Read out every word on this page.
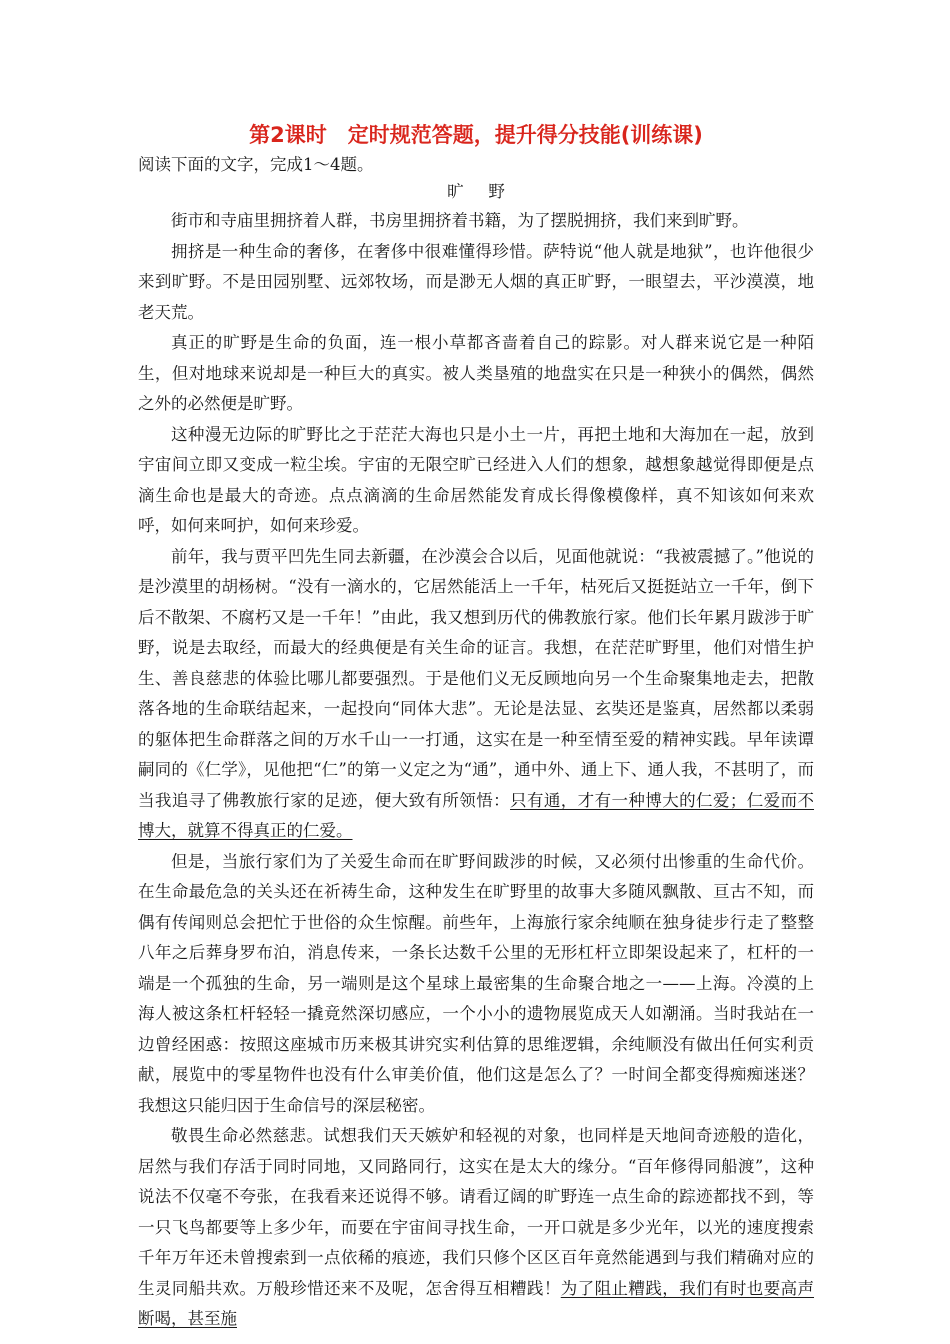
第2课时　定时规范答题，提升得分技能(训练课)

阅读下面的文字，完成1～4题。

旷野

街市和寺庙里拥挤着人群，书房里拥挤着书籍，为了摆脱拥挤，我们来到旷野。

拥挤是一种生命的奢侈，在奢侈中很难懂得珍惜。萨特说“他人就是地狱”，也许他很少来到旷野。不是田园别墅、远郊牧场，而是渺无人烟的真正旷野，一眼望去，平沙漠漠，地老天荒。

真正的旷野是生命的负面，连一根小草都吝啬着自己的踪影。对人群来说它是一种陌生，但对地球来说却是一种巨大的真实。被人类垦殖的地盘实在只是一种狭小的偶然，偶然之外的必然便是旷野。

这种漫无边际的旷野比之于茫茫大海也只是小土一片，再把土地和大海加在一起，放到宇宙间立即又变成一粒尘埃。宇宙的无限空旷已经进入人们的想象，越想象越觉得即便是点滴生命也是最大的奇迹。点点滴滴的生命居然能发育成长得像模像样，真不知该如何来欢呼，如何来呵护，如何来珍爱。

前年，我与贾平凹先生同去新疆，在沙漠会合以后，见面他就说：“我被震撼了。”他说的是沙漠里的胡杨树。“没有一滴水的，它居然能活上一千年，枯死后又挺挺站立一千年，倒下后不散架、不腐朽又是一千年！”由此，我又想到历代的佛教旅行家。他们长年累月跋涉于旷野，说是去取经，而最大的经典便是有关生命的证言。我想，在茫茫旷野里，他们对惜生护生、善良慈悲的体验比哪儿都要强烈。于是他们义无反顾地向另一个生命聚集地走去，把散落各地的生命联结起来，一起投向“同体大悲”。无论是法显、玄奘还是鉴真，居然都以柔弱的躯体把生命群落之间的万水千山一一打通，这实在是一种至情至爱的精神实践。早年读谭嗣同的《仁学》，见他把“仁”的第一义定之为“通”，通中外、通上下、通人我，不甚明了，而当我追寻了佛教旅行家的足迹，便大致有所领悟：只有通，才有一种博大的仁爱；仁爱而不博大，就算不得真正的仁爱。

但是，当旅行家们为了关爱生命而在旷野间跋涉的时候，又必须付出惨重的生命代价。在生命最危急的关头还在祈祷生命，这种发生在旷野里的故事大多随风飘散、亘古不知，而偶有传闻则总会把忙于世俗的众生惊醒。前些年，上海旅行家余纯顺在独身徒步行走了整整八年之后葬身罗布泊，消息传来，一条长达数千公里的无形杠杆立即架设起来了，杠杆的一端是一个孤独的生命，另一端则是这个星球上最密集的生命聚合地之一——上海。冷漠的上海人被这条杠杆轻轻一撬竟然深切感应，一个小小的遗物展览成天人如潮涌。当时我站在一边曾经困惑：按照这座城市历来极其讲究实利估算的思维逻辑，余纯顺没有做出任何实利贡献，展览中的零星物件也没有什么审美价值，他们这是怎么了？一时间全都变得痴痴迷迷？我想这只能归因于生命信号的深层秘密。

敬畏生命必然慈悲。试想我们天天嫉妒和轻视的对象，也同样是天地间奇迹般的造化，居然与我们存活于同时同地，又同路同行，这实在是太大的缘分。“百年修得同船渡”，这种说法不仅毫不夸张，在我看来还说得不够。请看辽阔的旷野连一点生命的踪迹都找不到，等一只飞鸟都要等上多少年，而要在宇宙间寻找生命，一开口就是多少光年，以光的速度搜索千年万年还未曾搜索到一点依稀的痕迹，我们只修个区区百年竟然能遇到与我们精确对应的生灵同船共欢。万般珍惜还来不及呢，怎舍得互相糟践！为了阻止糟践，我们有时也要高声断喝，甚至施
